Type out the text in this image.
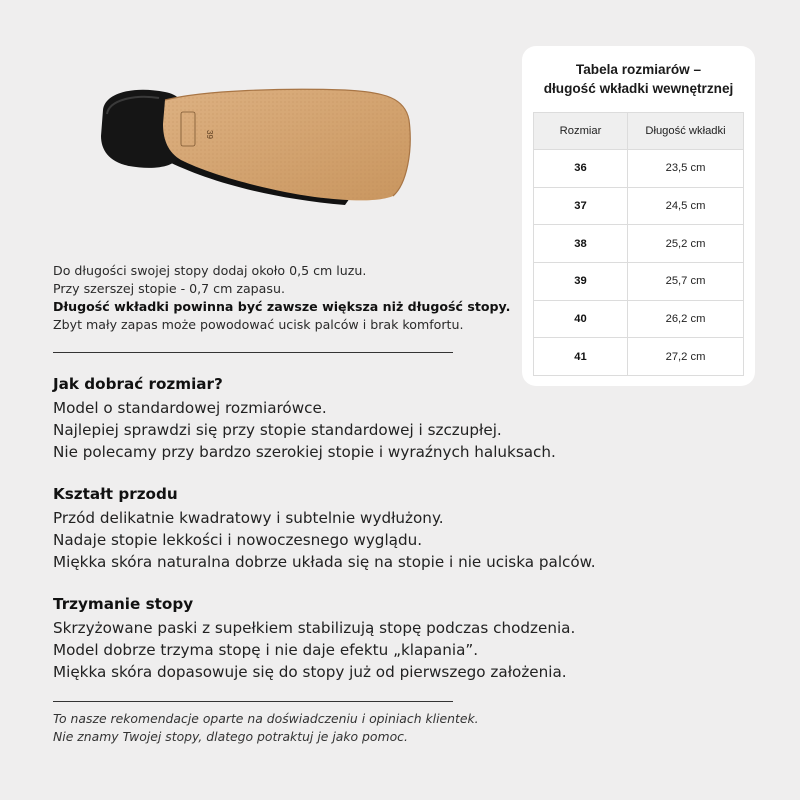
39
Do długości swojej stopy dodaj około 0,5 cm luzu.
Przy szerszej stopie - 0,7 cm zapasu.
Długość wkładki powinna być zawsze większa niż długość stopy.
Zbyt mały zapas może powodować ucisk palców i brak komfortu.
Jak dobrać rozmiar?

Model o standardowej rozmiarówce.

Najlepiej sprawdzi się przy stopie standardowej i szczupłej.

Nie polecamy przy bardzo szerokiej stopie i wyraźnych haluksach.

Kształt przodu

Przód delikatnie kwadratowy i subtelnie wydłużony.

Nadaje stopie lekkości i nowoczesnego wyglądu.

Miękka skóra naturalna dobrze układa się na stopie i nie uciska palców.

Trzymanie stopy

Skrzyżowane paski z supełkiem stabilizują stopę podczas chodzenia.

Model dobrze trzyma stopę i nie daje efektu „klapania”.

Miękka skóra dopasowuje się do stopy już od pierwszego założenia.

To nasze rekomendacje oparte na doświadczeniu i opiniach klientek.
Nie znamy Twojej stopy, dlatego potraktuj je jako pomoc.
Tabela rozmiarów –
długość wkładki wewnętrznej
Rozmiar	Długość wkładki
36	23,5 cm
37	24,5 cm
38	25,2 cm
39	25,7 cm
40	26,2 cm
41	27,2 cm
